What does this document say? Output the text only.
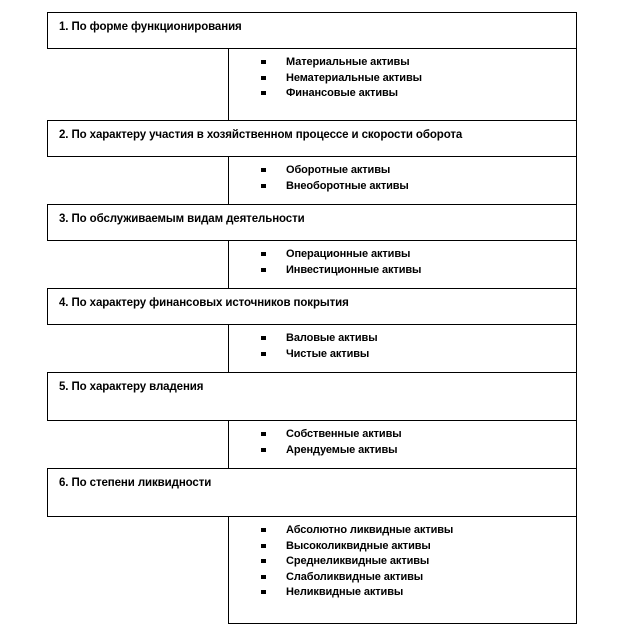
1. По форме функционирования
Материальные активы
Нематериальные активы
Финансовые активы
2. По характеру участия в хозяйственном процессе и скорости оборота
Оборотные активы
Внеоборотные активы
3. По обслуживаемым видам деятельности
Операционные активы
Инвестиционные активы
4. По характеру финансовых источников покрытия
Валовые активы
Чистые активы
5. По характеру владения
Собственные активы
Арендуемые активы
6. По степени ликвидности
Абсолютно ликвидные активы
Высоколиквидные активы
Среднеликвидные активы
Слаболиквидные активы
Неликвидные активы
